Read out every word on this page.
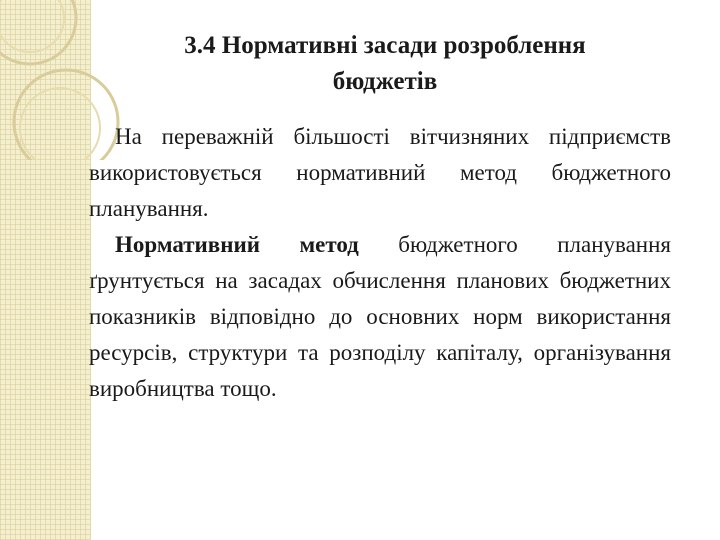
3.4 Нормативні засади розроблення
бюджетів

На переважній більшості вітчизняних підприємств використовується нормативний метод бюджетного планування.

Нормативний метод бюджетного планування ґрунтується на засадах обчислення планових бюджетних показників відповідно до основних норм використання ресурсів, структури та розподілу капіталу, організування виробництва тощо.
